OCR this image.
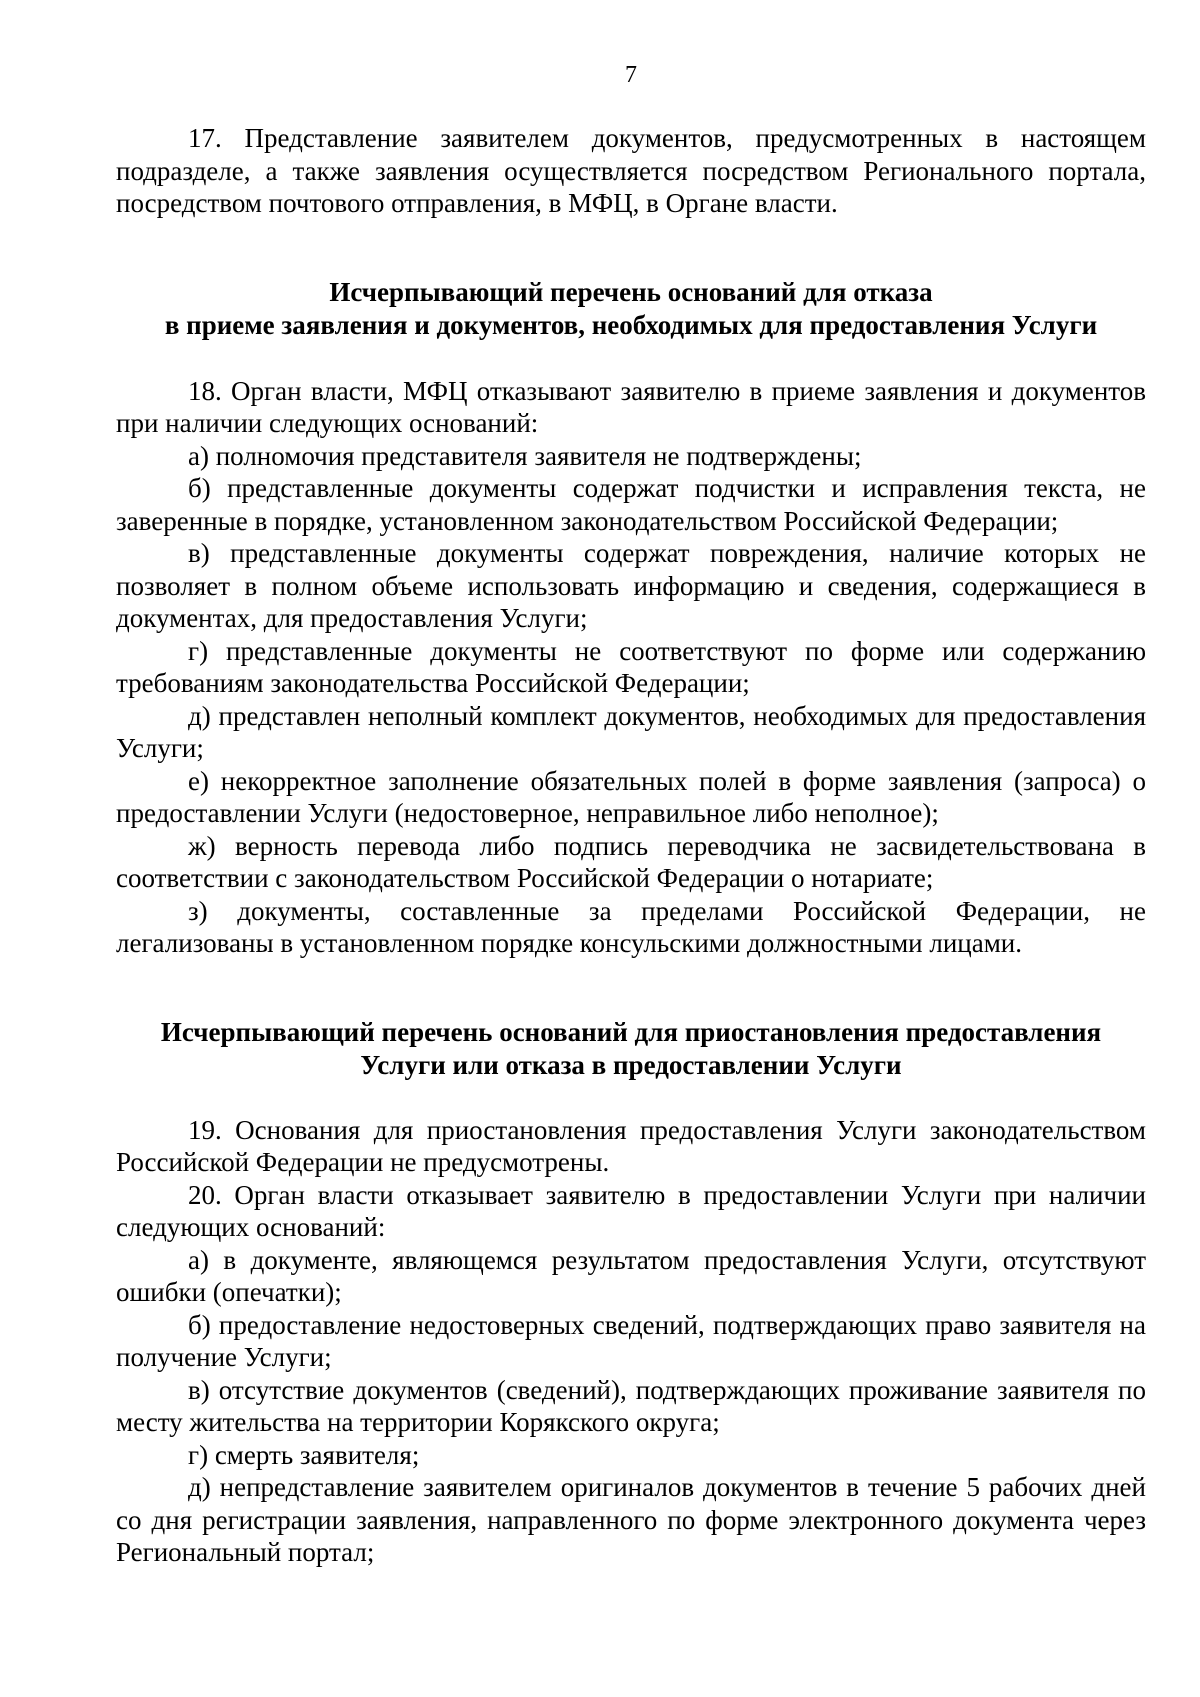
7

17. Представление заявителем документов, предусмотренных в настоящем подразделе, а также заявления осуществляется посредством Регионального портала, посредством почтового отправления, в МФЦ, в Органе власти.

Исчерпывающий перечень оснований для отказа
в приеме заявления и документов, необходимых для предоставления Услуги

18. Орган власти, МФЦ отказывают заявителю в приеме заявления и документов при наличии следующих оснований:

а) полномочия представителя заявителя не подтверждены;

б) представленные документы содержат подчистки и исправления текста, не заверенные в порядке, установленном законодательством Российской Федерации;

в) представленные документы содержат повреждения, наличие которых не позволяет в полном объеме использовать информацию и сведения, содержащиеся в документах, для предоставления Услуги;

г) представленные документы не соответствуют по форме или содержанию требованиям законодательства Российской Федерации;

д) представлен неполный комплект документов, необходимых для предоставления Услуги;

е) некорректное заполнение обязательных полей в форме заявления (запроса) о предоставлении Услуги (недостоверное, неправильное либо неполное);

ж) верность перевода либо подпись переводчика не засвидетельствована в соответствии с законодательством Российской Федерации о нотариате;

з) документы, составленные за пределами Российской Федерации, не легализованы в установленном порядке консульскими должностными лицами.

Исчерпывающий перечень оснований для приостановления предоставления
Услуги или отказа в предоставлении Услуги

19. Основания для приостановления предоставления Услуги законодательством Российской Федерации не предусмотрены.

20. Орган власти отказывает заявителю в предоставлении Услуги при наличии следующих оснований:

а) в документе, являющемся результатом предоставления Услуги, отсутствуют ошибки (опечатки);

б) предоставление недостоверных сведений, подтверждающих право заявителя на получение Услуги;

в) отсутствие документов (сведений), подтверждающих проживание заявителя по месту жительства на территории Корякского округа;

г) смерть заявителя;

д) непредставление заявителем оригиналов документов в течение 5 рабочих дней со дня регистрации заявления, направленного по форме электронного документа через Региональный портал;
